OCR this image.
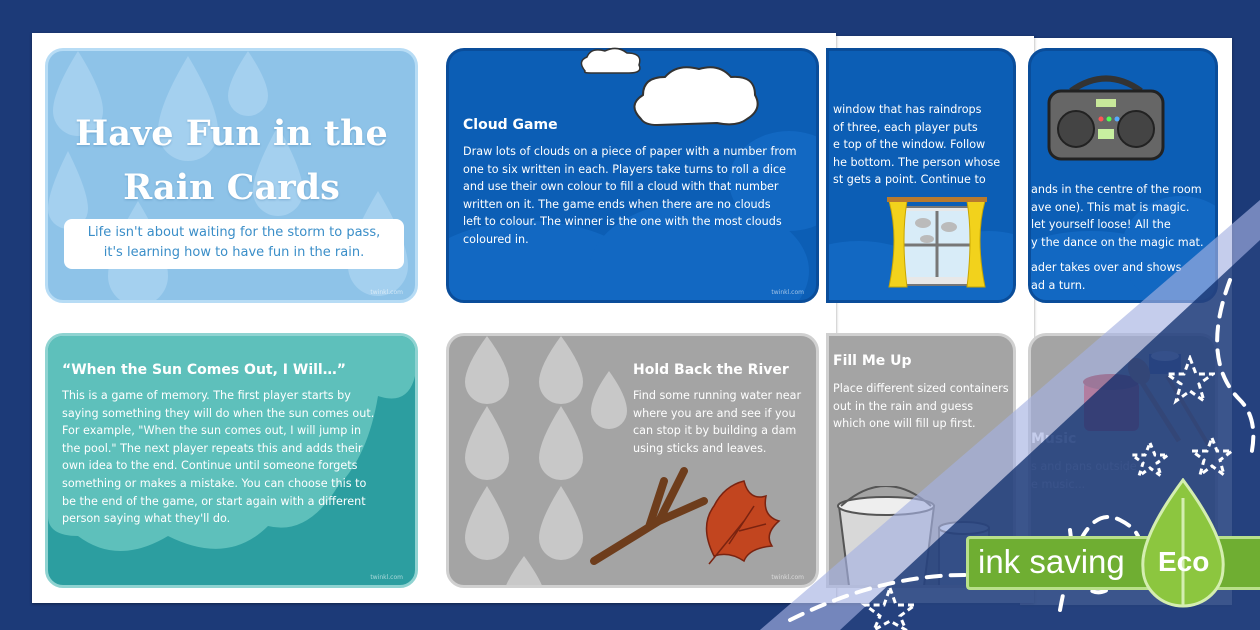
ands in the centre of the room
ave one). This mat is magic.
let yourself loose! All the
y the dance on the magic mat.
ader takes over and shows
ad a turn.
window that has raindrops
of three, each player puts
e top of the window. Follow
he bottom. The person whose
st gets a point. Continue to
Fill Me Up
Place different sized containers
out in the rain and guess
which one will fill up first.
Have Fun in the
Rain Cards
Life isn't about waiting for the storm to pass,
it's learning how to have fun in the rain.
twinkl.com
Cloud Game
Draw lots of clouds on a piece of paper with a number from
one to six written in each. Players take turns to roll a dice
and use their own colour to fill a cloud with that number
written on it. The game ends when there are no clouds
left to colour. The winner is the one with the most clouds
coloured in.
twinkl.com
“When the Sun Comes Out, I Will…”
This is a game of memory. The first player starts by
saying something they will do when the sun comes out.
For example, "When the sun comes out, I will jump in
the pool." The next player repeats this and adds their
own idea to the end. Continue until someone forgets
something or makes a mistake. You can choose this to
be the end of the game, or start again with a different
person saying what they'll do.
twinkl.com
Hold Back the River
Find some running water near
where you are and see if you
can stop it by building a dam
using sticks and leaves.
twinkl.com	ink saving Eco
